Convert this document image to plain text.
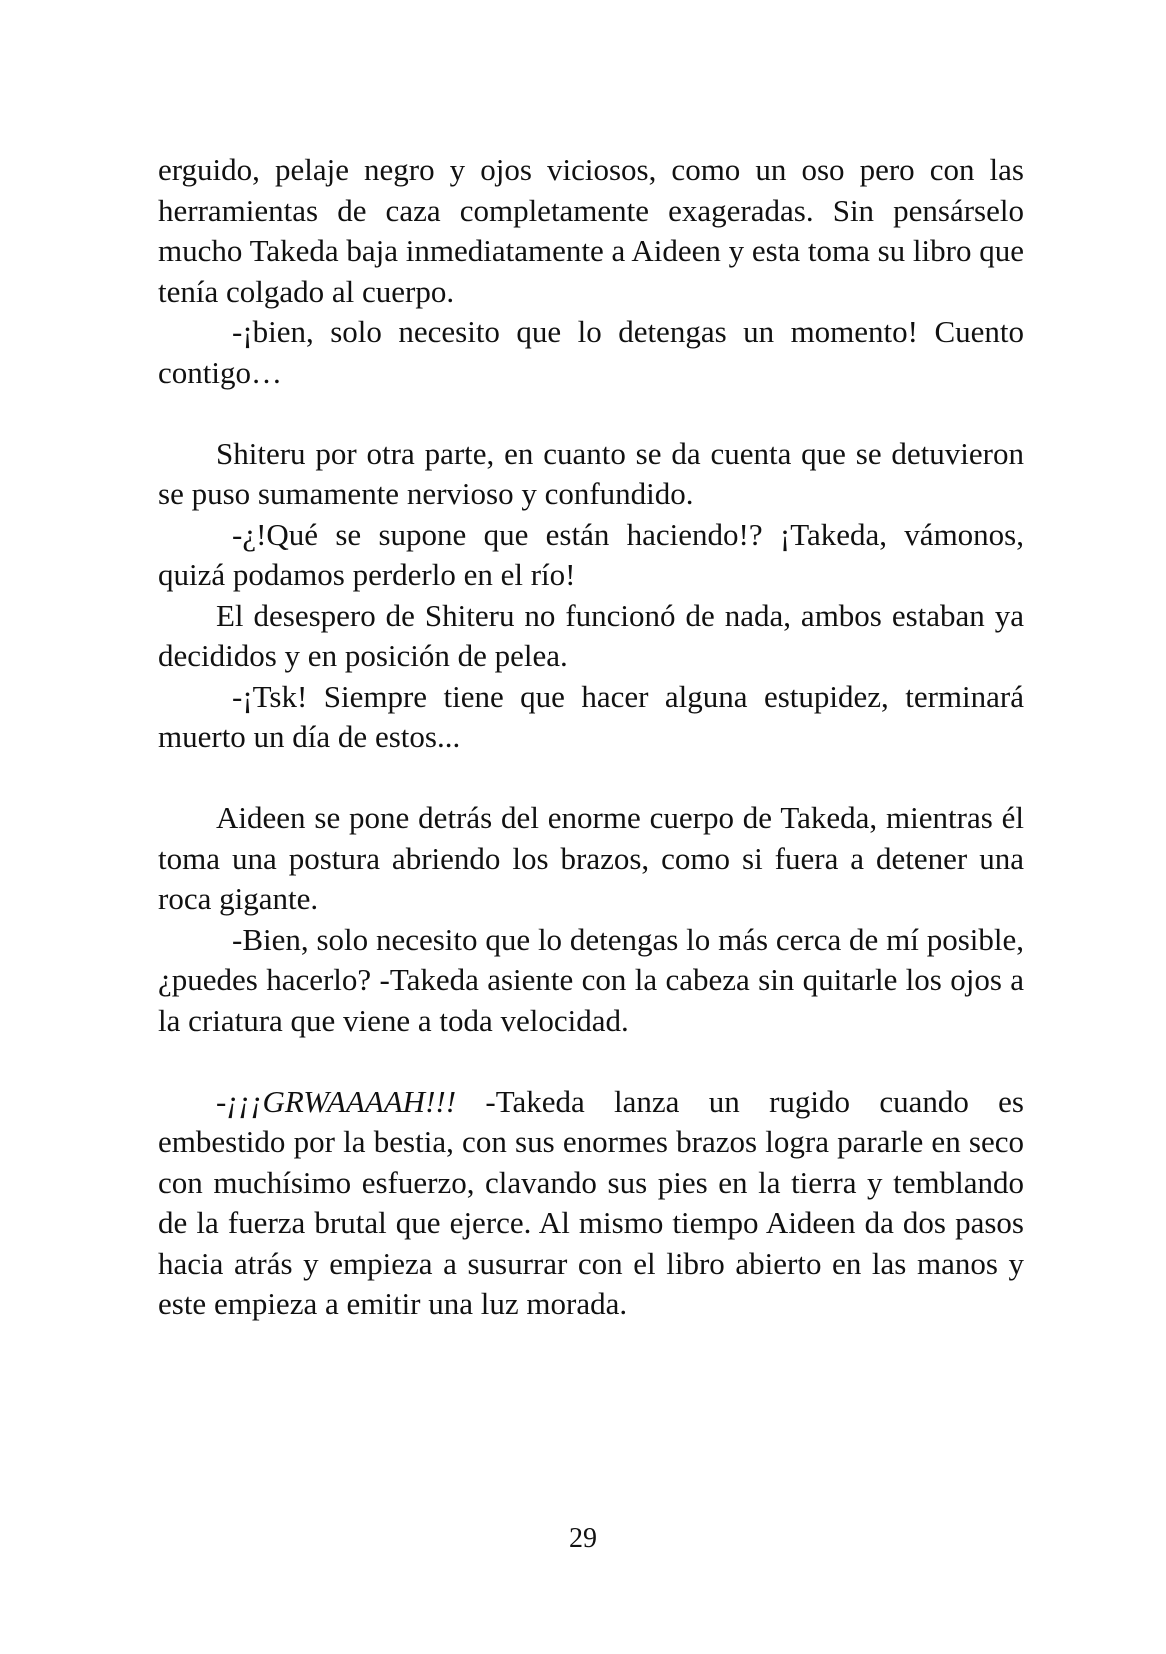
erguido, pelaje negro y ojos viciosos, como un oso pero con las herramientas de caza completamente exageradas. Sin pensárselo mucho Takeda baja inmediatamente a Aideen y esta toma su libro que tenía colgado al cuerpo.

-¡bien, solo necesito que lo detengas un momento! Cuento contigo…

Shiteru por otra parte, en cuanto se da cuenta que se detuvieron se puso sumamente nervioso y confundido.

-¿!Qué se supone que están haciendo!? ¡Takeda, vámonos, quizá podamos perderlo en el río!

El desespero de Shiteru no funcionó de nada, ambos estaban ya decididos y en posición de pelea.

-¡Tsk! Siempre tiene que hacer alguna estupidez, terminará muerto un día de estos...

Aideen se pone detrás del enorme cuerpo de Takeda, mientras él toma una postura abriendo los brazos, como si fuera a detener una roca gigante.

-Bien, solo necesito que lo detengas lo más cerca de mí posible, ¿puedes hacerlo? -Takeda asiente con la cabeza sin quitarle los ojos a la criatura que viene a toda velocidad.

-¡¡¡GRWAAAAH!!! -Takeda lanza un rugido cuando es embestido por la bestia, con sus enormes brazos logra pararle en seco con muchísimo esfuerzo, clavando sus pies en la tierra y temblando de la fuerza brutal que ejerce. Al mismo tiempo Aideen da dos pasos hacia atrás y empieza a susurrar con el libro abierto en las manos y este empieza a emitir una luz morada.

29
